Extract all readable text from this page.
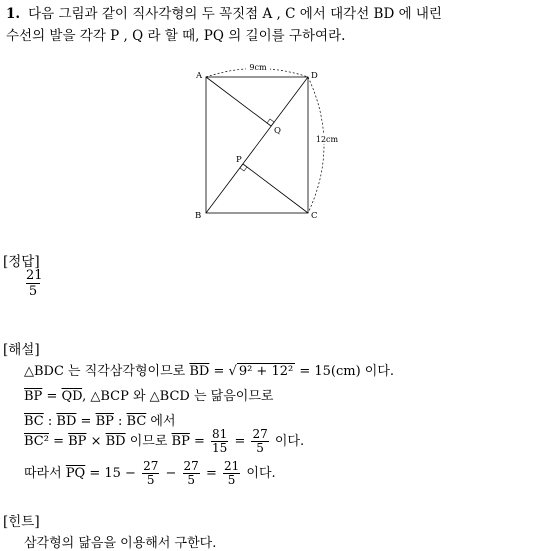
1. 다음 그림과 같이 직사각형의 두 꼭짓점 A , C 에서 대각선 BD 에 내린
수선의 발을 각각 P , Q 라 할 때, PQ 의 길이를 구하여라.
9cm
12cm
A	D
B	C
P
Q
[정답]
$\frac{21}{5}$
[해설]
△BDC 는 직각삼각형이므로 $\overline{BD}$ = √ 9² + 12² = 15(cm) 이다.
$\overline{BP} = \overline{QD}$, △BCP 와 △BCD 는 닮음이므로
$\overline{BC}$ : $\overline{BD} = \overline{BP}$ : $\overline{BC}$ 에서
$BC^2 = \overline{BP} \times \overline{BD}$ 이므로 $\overline{BP} = \frac{81}{15} = \frac{27}{5}$ 이다.
따라서 $\overline{PQ} = 15 - \frac{27}{5} - \frac{27}{5} = \frac{21}{5}$ 이다.
[힌트]
삼각형의 닮음을 이용해서 구한다.
